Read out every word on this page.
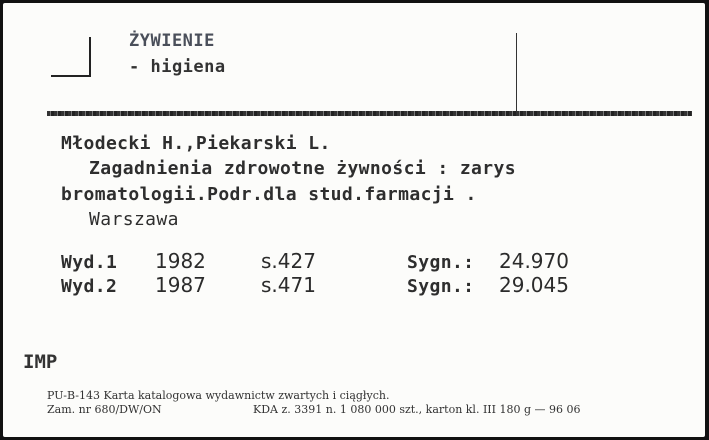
ŻYWIENIE
- higiena
Młodecki H.,Piekarski L.
Zagadnienia zdrowotne żywności : zarys
bromatologii.Podr.dla stud.farmacji .
Warszawa
Wyd.1 1982	s.427	Sygn.: 24.970
Wyd.2 1987	s.471	Sygn.: 29.045
IMP
PU-B-143 Karta katalogowa wydawnictw zwartych i ciągłych.
Zam. nr 680/DW/ON	KDA z. 3391 n. 1 080 000 szt., karton kl. III 180 g — 96 06
